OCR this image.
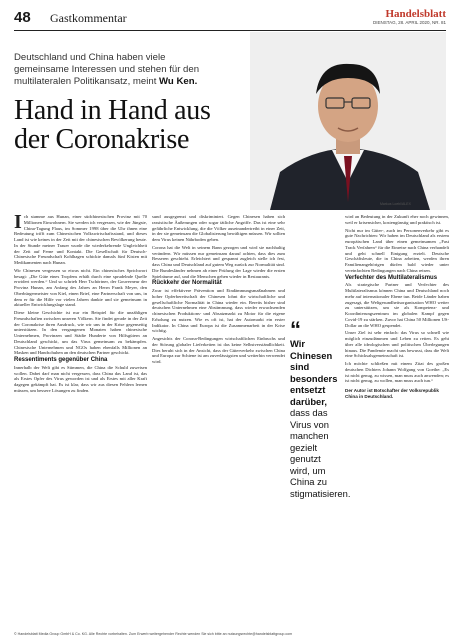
48 Gastkommentar	Handelsblatt
DIENSTAG, 28. APRIL 2020, NR. 81
Markus Loebl/ALEX
Deutschland und China haben viele gemeinsame Interessen und stehen für den multilateralen Politikansatz, meint Wu Ken.
Hand in Hand aus der Coronakrise

Ich stamme aus Hunan, einer südchinesischen Provinz mit 70 Millionen Einwohnern. Sie werden ich vergessen, wie der Jüngste, China-Tagung Flaus, im Sommer 1998 über die Uhr ihnen eine Bedeutung trifft zum Chinesischen Volkswirtschaftsstand, und dieses Land ist wie keines in der Zeit mit der chinesischen Bevölkerung heute. In der Stunde meiner Trauer wurde die wiederkehrende Ungleichheit der Zeit auf Ferne und Kontakt. Die Gesellschaft für Deutsch-Chinesische Freundschaft Kohlhagen schickte damals fünf Kisten mit Medikamenten nach Hunan.

Wir Chinesen vergessen so etwas nicht. Ein chinesisches Sprichwort besagt: „Die Güte eines Tropfens erhält durch eine sprudelnde Quelle erwidert werden.“ Und so schrieb Herr Tschörtner, der Gouverneur der Provinz Hunan, am Anfang des Jahres an Herrn Frank Meyer, den Oberbürgermeister von Kiel, einen Brief, eine Partnerschaft von uns, in dem er für die Hilfe vor vielen Jahren dankte und sie gemeinsam in aktueller Entwicklungslage stand.

Diese kleine Geschichte ist nur ein Beispiel für die unzähligen Freundschaften zwischen unseren Völkern. Sie findet gerade in der Zeit der Coronakrise ihren Ausdruck, wie wir uns in der Krise gegenseitig unterstützen. In den vergangenen Monaten haben chinesische Unternehmen, Provinzen und Städte Hunderte von Hilfsgütern an Deutschland geschickt, um das Virus gemeinsam zu bekämpfen. Chinesische Unternehmen und NGOs haben ebenfalls Millionen an Masken und Handschuhen an den deutschen Partner geschickt.

Ressentiments gegenüber China

Innerhalb der Welt gibt es Stimmen, die China die Schuld zuweisen wollen. Dabei darf man nicht vergessen, dass China das Land ist, das als Erstes Opfer des Virus geworden ist und als Erstes mit aller Kraft dagegen gekämpft hat. Es ist klar, dass wir aus diesen Fehlern lernen müssen, um bessere Lösungen zu finden.

sund ausgegrenzt und diskriminiert. Gegen Chinesen haben sich rassistische Äußerungen oder sogar tätliche Angriffe. Das ist eine sehr gefährliche Entwicklung, die die Völker auseinandertreibt in einer Zeit, in der sie gemeinsam die Globalisierung bewältigen müssen. Wir sollten dem Virus keinen Nährboden geben.

Corona hat die Welt in seinem Bann gezogen und wird sie nachhaltig verändern. Wir müssen nur gemeinsam darauf achten, dass dies zum Besseren geschieht. Erleichtert und gespannt zugleich stelle ich fest, dass China und Deutschland auf gutem Weg zurück zur Normalität sind. Die Bundesländer nehmen ab einer Prüfung der Lage wieder die ersten Spielräume auf, und die Menschen gehen wieder in Restaurants.

Rückkehr der Normalität

Zwar ist effektivere Prävention und Eindämmungsmaßnahmen und hoher Opferbereitschaft der Chinesen lohnt die wirtschaftliche und gesellschaftliche Normalität in China wieder ein. Bereits bisher sind deutschen Unternehmen eine Abstimmung, dass wieder erwachsenden chinesischen Produktions- und Absatzmarkt zu Motor für die eigene Erholung zu nutzen. Wie es oft ist, hat der Automarkt ein erster Indikator. In China und Europa ist die Zusammenarbeit in der Krise wichtig.

Angesichts der Corona-Bedingungen wirtschaftlichen Einbruchs und der Störung globaler Lieferketten ist das keine Selbstverständlichkeit. Dies beruht sich in der Ansicht, dass der Güterverkehr zwischen China und Europa zur Schiene ist am zuverlässigsten und weiterhin verwendet wird.

“
Wir Chinesen sind besonders entsetzt darüber, dass das Virus von manchen gezielt genutzt wird, um China zu stigmatisieren.

wird an Bedeutung in der Zukunft eher noch gewinnen, weil er krisensicher, kostengünstig und praktisch ist.

Nicht nur im Güter-, auch im Personenverkehr gibt es gute Nachrichten: Wir haben im Deutschland als erstem europäischen Land über einen gemeinsamen „Fast Track Verfahren“ für die Einreise nach China verhandelt und geht schnell Einigung erzielt. Deutsche Geschäftsleute, die in China arbeiten, werden ihren Familienangehörigen dürfen bald wieder unter vereinfachten Bedingungen nach China reisen.

Verfechter des Multilateralismus

Als strategische Partner und Verfechter des Multilateralismus können China und Deutschland noch mehr auf internationaler Ebene tun. Beide Länder haben zugesagt, die Weltgesundheitsorganisation WHO weiter zu unterstützen, um sie als Kompetenz- und Koordinierungszentrum im globalen Kampf gegen Covid-19 zu stärken. Zuvor hat China 50 Millionen US-Dollar an die WHO gespendet.

Unser Ziel ist sehr einfach: das Virus so schnell wie möglich einzudämmen und Leben zu retten. Es geht über alle ideologischen und politischen Überlegungen hinaus. Die Pandemie macht uns bewusst, dass die Welt eine Schicksalsgemeinschaft ist.

Ich möchte schließen mit einem Zitat des großen deutschen Dichters Johann Wolfgang von Goethe: „Es ist nicht genug, zu wissen, man muss auch anwenden; es ist nicht genug, zu wollen, man muss auch tun.“

Der Autor ist Botschafter der Volksrepublik China in Deutschland.
© Handelsblatt Media Group GmbH & Co. KG. Alle Rechte vorbehalten. Zum Erwerb weitergehender Rechte wenden Sie sich bitte an nutzungsrechte@handelsblattgroup.com
